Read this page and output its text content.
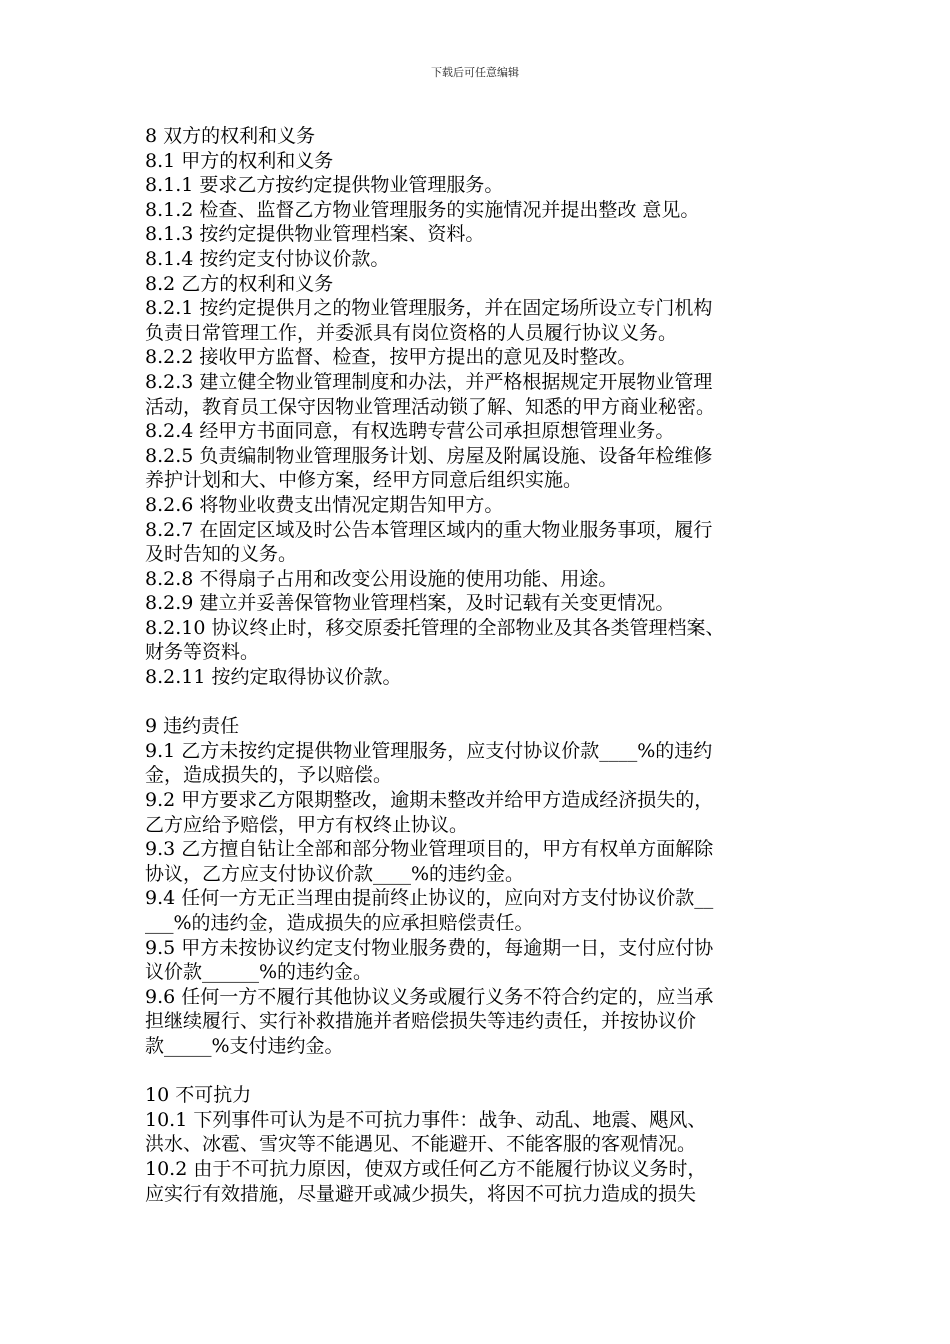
下载后可任意编辑
8 双方的权利和义务
8.1 甲方的权利和义务
8.1.1 要求乙方按约定提供物业管理服务。
8.1.2 检查、监督乙方物业管理服务的实施情况并提出整改 意见。
8.1.3 按约定提供物业管理档案、资料。
8.1.4 按约定支付协议价款。
8.2 乙方的权利和义务
8.2.1 按约定提供月之的物业管理服务，并在固定场所设立专门机构
负责日常管理工作，并委派具有岗位资格的人员履行协议义务。
8.2.2 接收甲方监督、检查，按甲方提出的意见及时整改。
8.2.3 建立健全物业管理制度和办法，并严格根据规定开展物业管理
活动，教育员工保守因物业管理活动锁了解、知悉的甲方商业秘密。
8.2.4 经甲方书面同意，有权选聘专营公司承担原想管理业务。
8.2.5 负责编制物业管理服务计划、房屋及附属设施、设备年检维修
养护计划和大、中修方案，经甲方同意后组织实施。
8.2.6 将物业收费支出情况定期告知甲方。
8.2.7 在固定区域及时公告本管理区域内的重大物业服务事项，履行
及时告知的义务。
8.2.8 不得扇子占用和改变公用设施的使用功能、用途。
8.2.9 建立并妥善保管物业管理档案，及时记载有关变更情况。
8.2.10 协议终止时，移交原委托管理的全部物业及其各类管理档案、
财务等资料。
8.2.11 按约定取得协议价款。
9 违约责任
9.1 乙方未按约定提供物业管理服务，应支付协议价款____%的违约
金，造成损失的，予以赔偿。
9.2 甲方要求乙方限期整改，逾期未整改并给甲方造成经济损失的，
乙方应给予赔偿，甲方有权终止协议。
9.3 乙方擅自钻让全部和部分物业管理项目的，甲方有权单方面解除
协议，乙方应支付协议价款____%的违约金。
9.4 任何一方无正当理由提前终止协议的，应向对方支付协议价款__
___%的违约金，造成损失的应承担赔偿责任。
9.5 甲方未按协议约定支付物业服务费的，每逾期一日，支付应付协
议价款______%的违约金。
9.6 任何一方不履行其他协议义务或履行义务不符合约定的，应当承
担继续履行、实行补救措施并者赔偿损失等违约责任，并按协议价
款_____%支付违约金。
10 不可抗力
10.1 下列事件可认为是不可抗力事件：战争、动乱、地震、飓风、
洪水、冰雹、雪灾等不能遇见、不能避开、不能客服的客观情况。
10.2 由于不可抗力原因，使双方或任何乙方不能履行协议义务时，
应实行有效措施，尽量避开或减少损失，将因不可抗力造成的损失
